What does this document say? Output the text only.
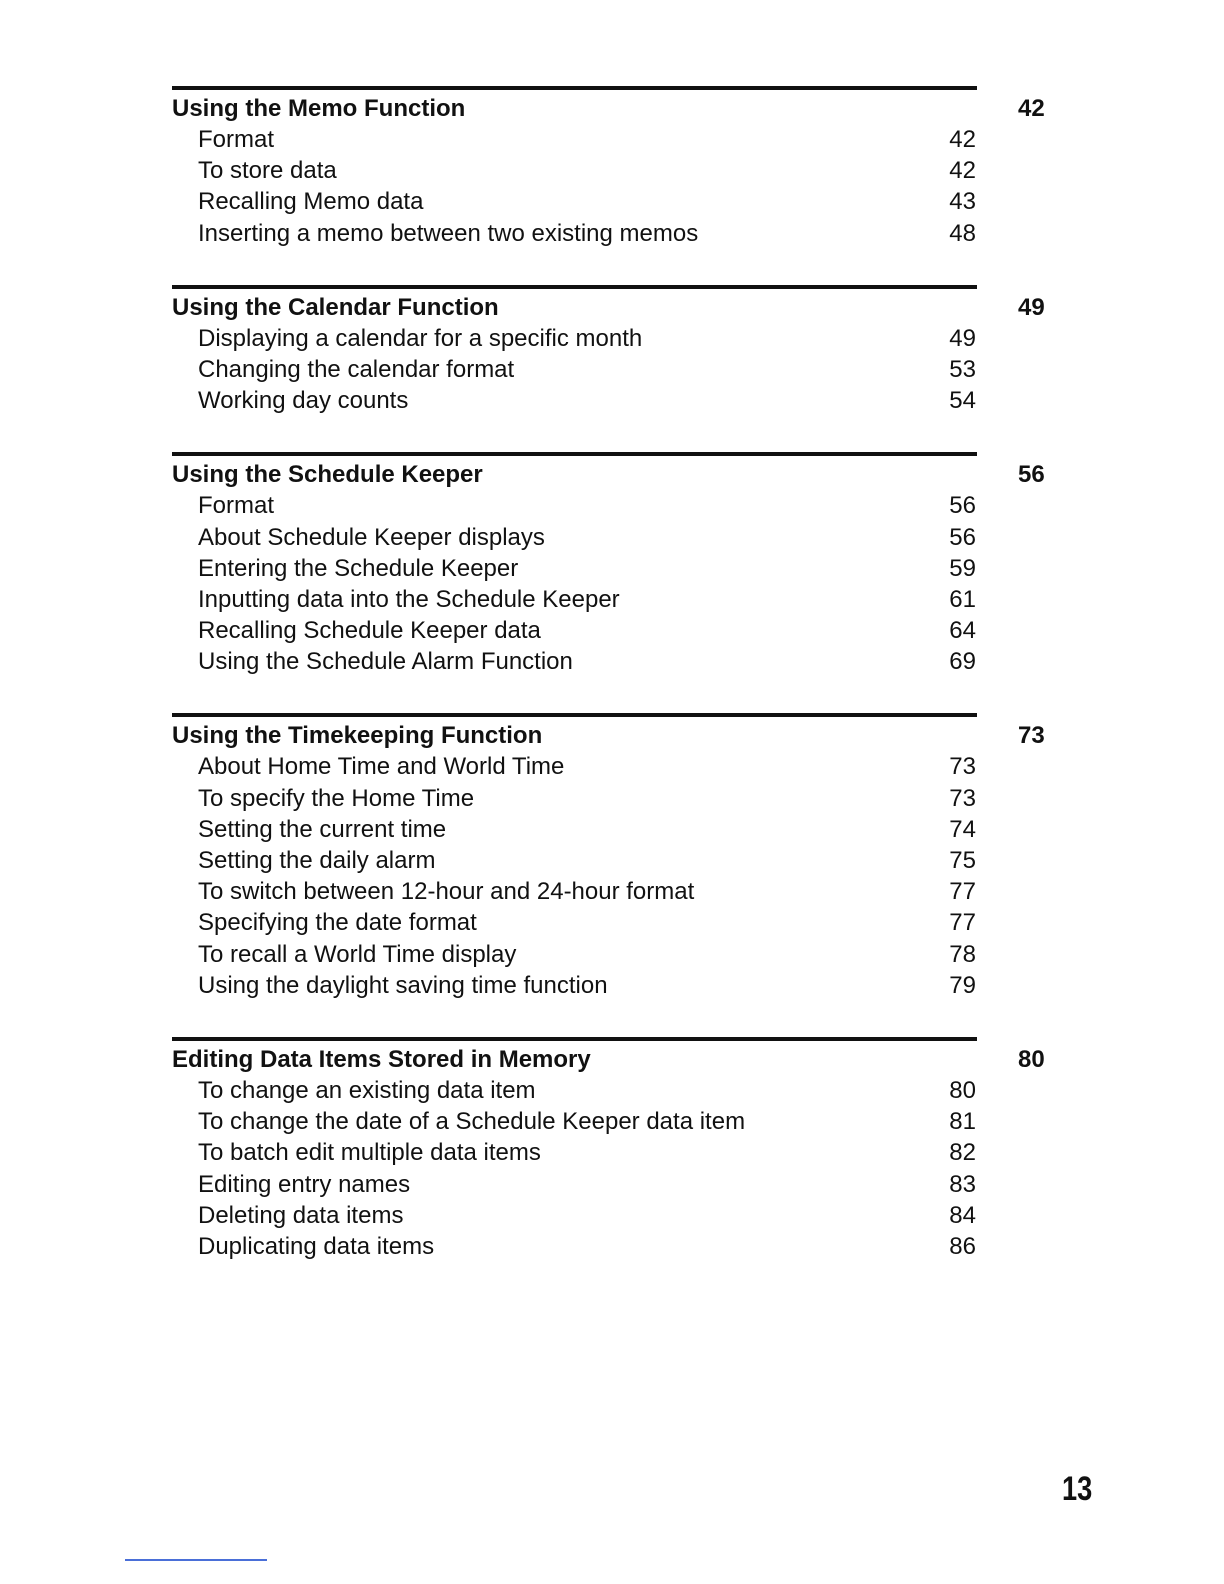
Using the Memo Function	42
Format	42
To store data	42
Recalling Memo data	43
Inserting a memo between two existing memos	48
Using the Calendar Function	49
Displaying a calendar for a specific month	49
Changing the calendar format	53
Working day counts	54
Using the Schedule Keeper	56
Format	56
About Schedule Keeper displays	56
Entering the Schedule Keeper	59
Inputting data into the Schedule Keeper	61
Recalling Schedule Keeper data	64
Using the Schedule Alarm Function	69
Using the Timekeeping Function	73
About Home Time and World Time	73
To specify the Home Time	73
Setting the current time	74
Setting the daily alarm	75
To switch between 12-hour and 24-hour format	77
Specifying the date format	77
To recall a World Time display	78
Using the daylight saving time function	79
Editing Data Items Stored in Memory	80
To change an existing data item	80
To change the date of a Schedule Keeper data item	81
To batch edit multiple data items	82
Editing entry names	83
Deleting data items	84
Duplicating data items	86
13
